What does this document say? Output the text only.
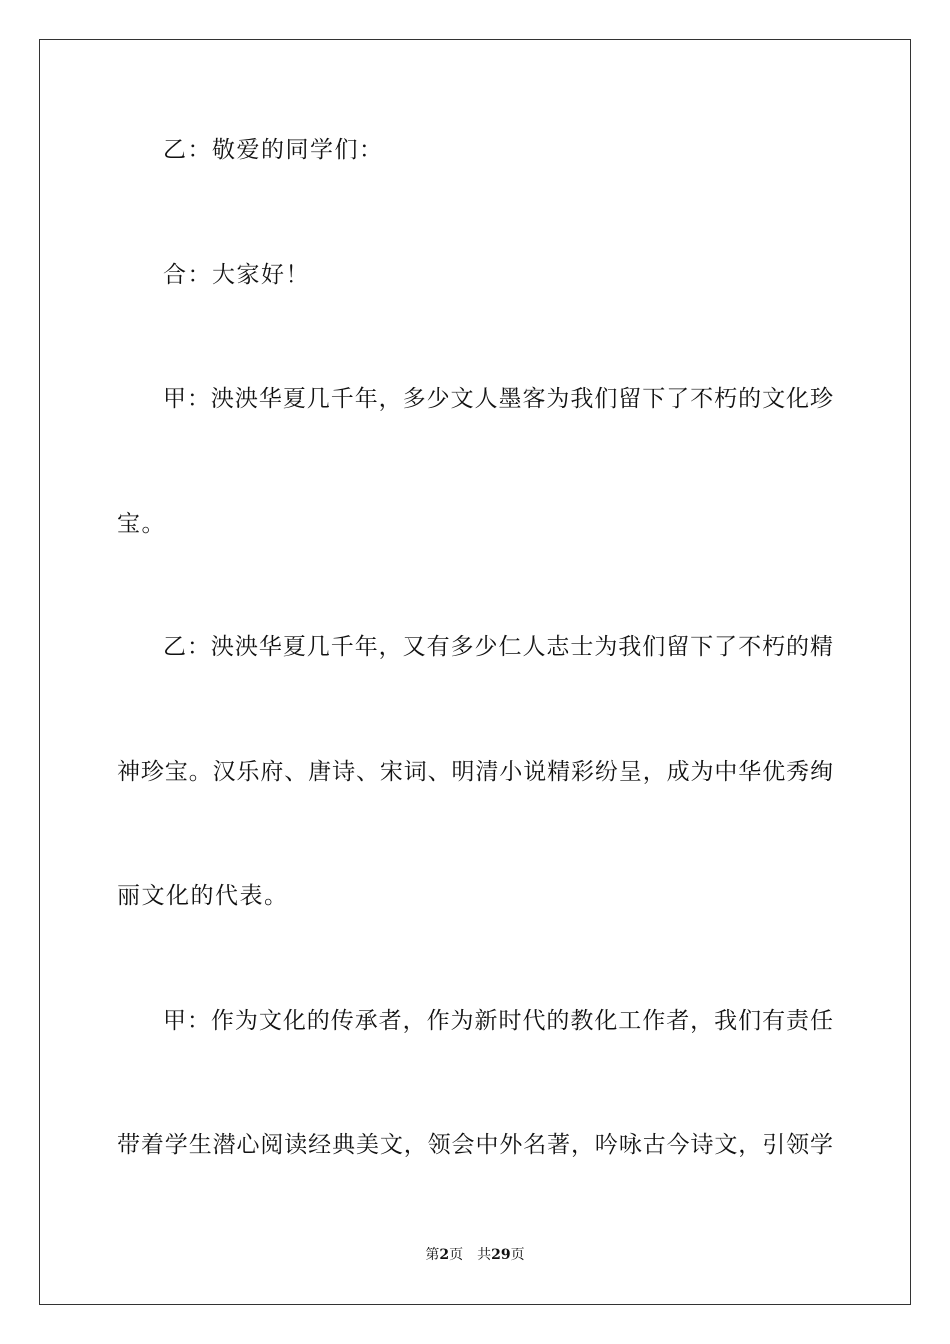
乙：敬爱的同学们：
合：大家好！
甲：泱泱华夏几千年，多少文人墨客为我们留下了不朽的文化珍
宝。
乙：泱泱华夏几千年，又有多少仁人志士为我们留下了不朽的精
神珍宝。汉乐府、唐诗、宋词、明清小说精彩纷呈，成为中华优秀绚
丽文化的代表。
甲：作为文化的传承者，作为新时代的教化工作者，我们有责任
带着学生潜心阅读经典美文，领会中外名著，吟咏古今诗文，引领学
第2页 共29页
